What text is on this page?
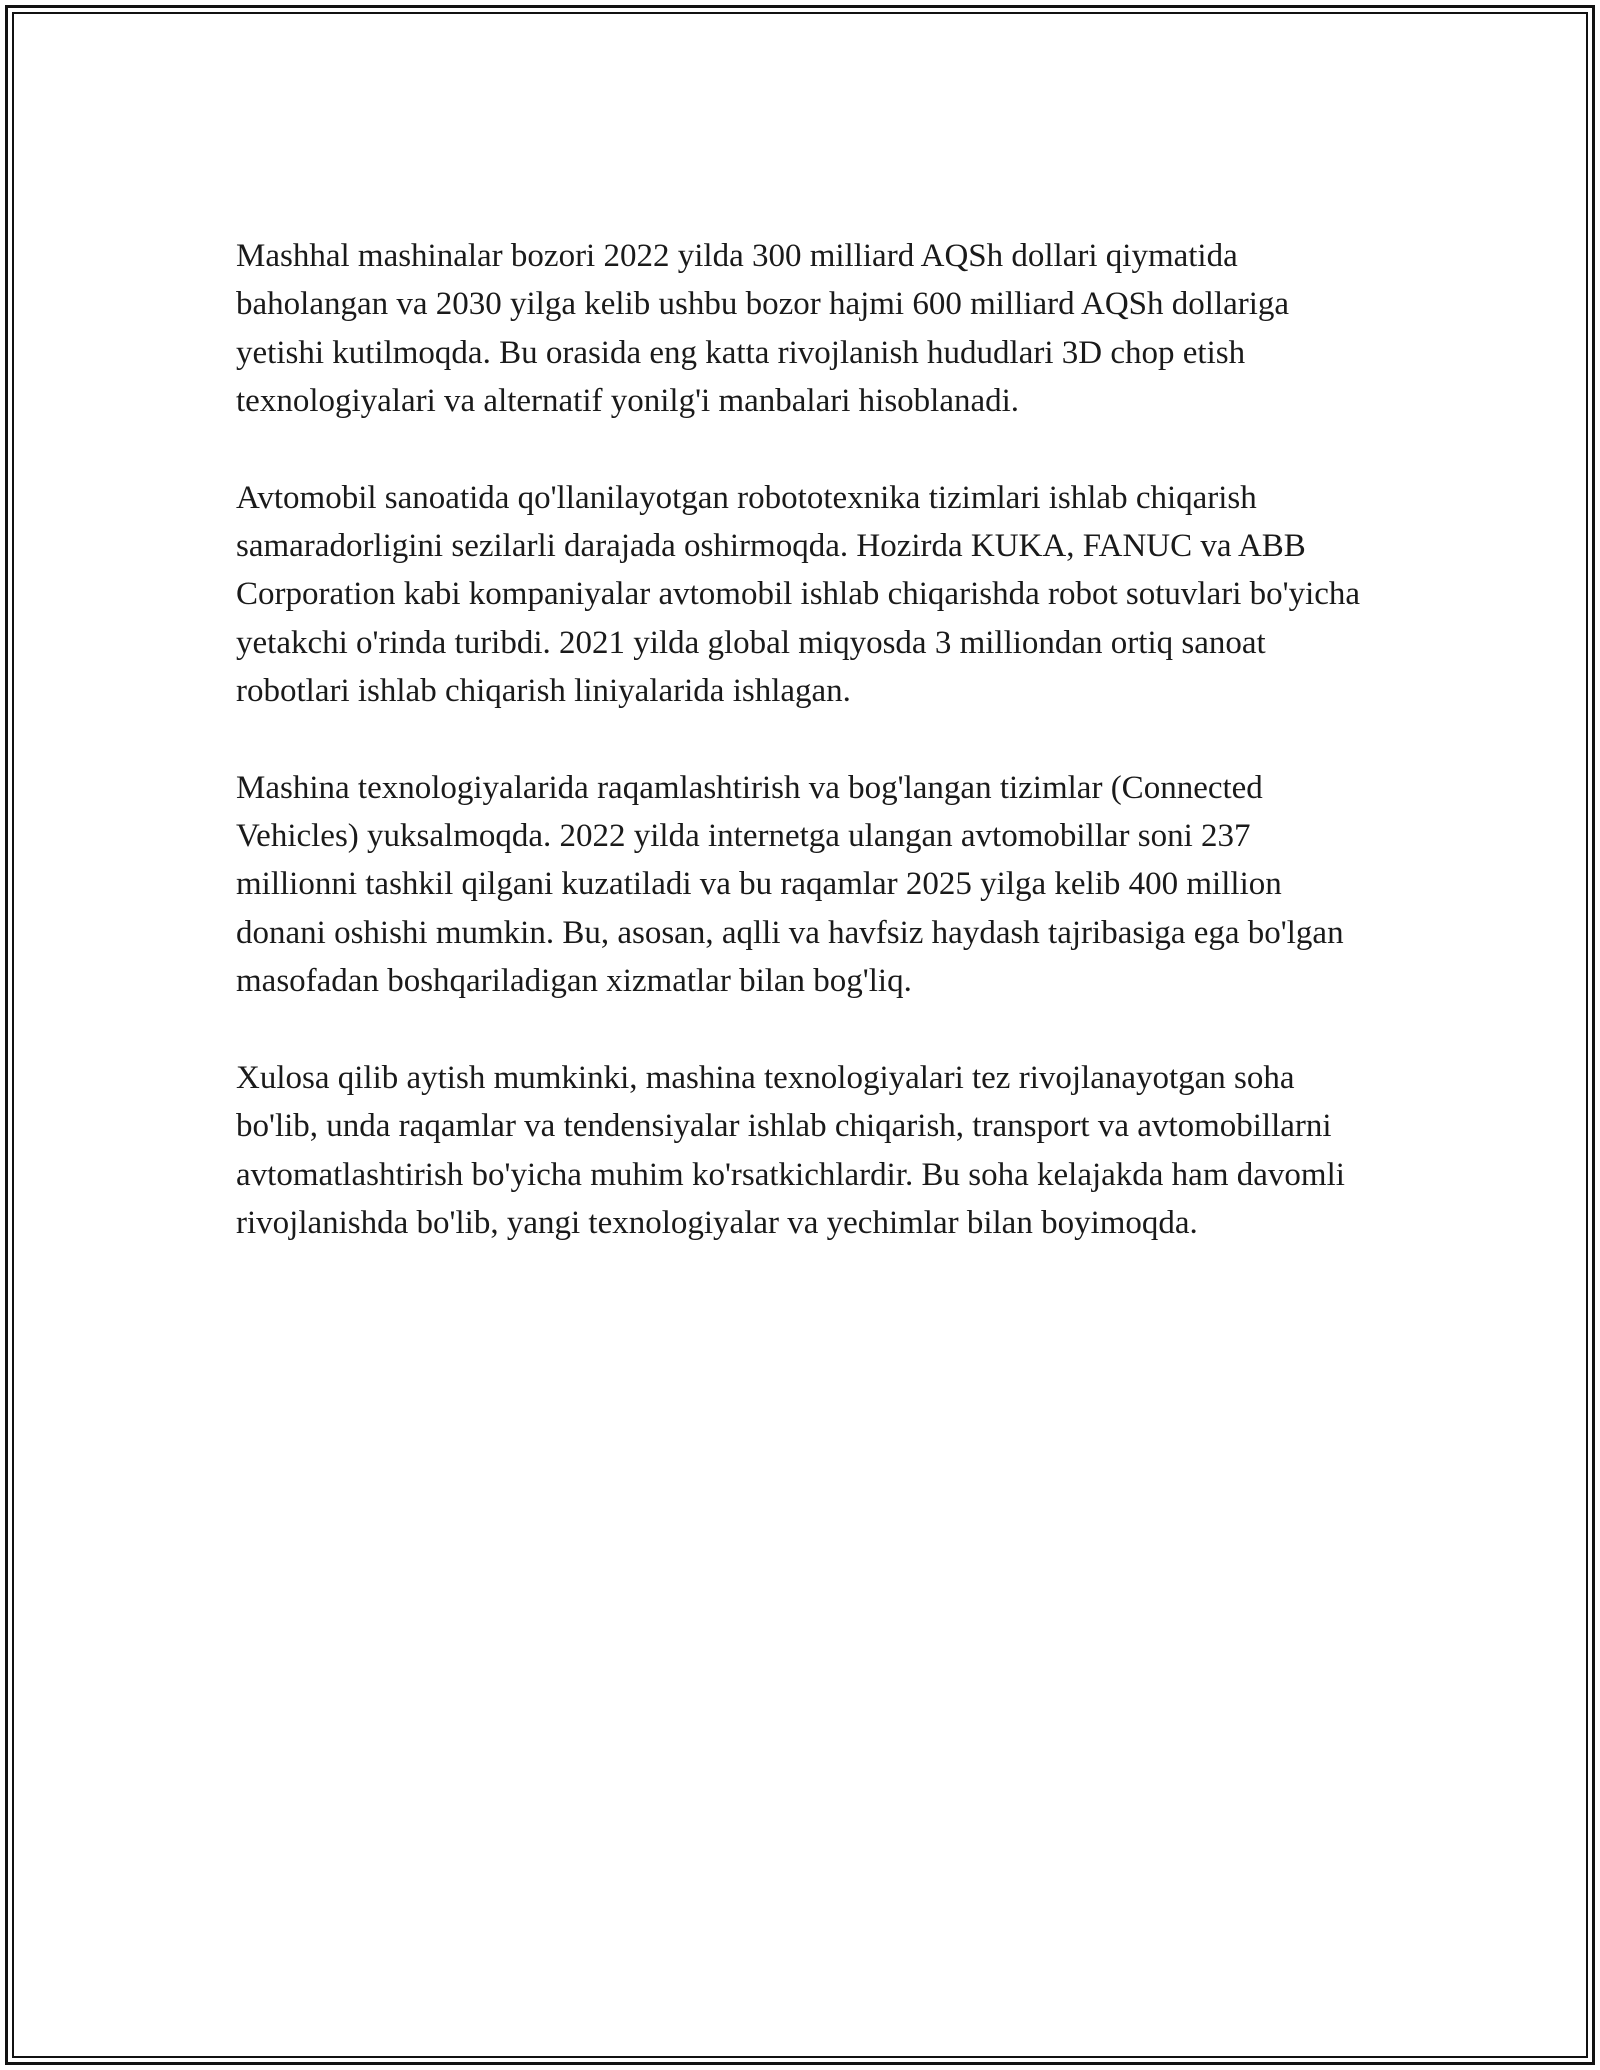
Mashhal mashinalar bozori 2022 yilda 300 milliard AQSh dollari qiymatida baholangan va 2030 yilga kelib ushbu bozor hajmi 600 milliard AQSh dollariga yetishi kutilmoqda. Bu orasida eng katta rivojlanish hududlari 3D chop etish texnologiyalari va alternatif yonilg'i manbalari hisoblanadi.

Avtomobil sanoatida qo'llanilayotgan robototexnika tizimlari ishlab chiqarish samaradorligini sezilarli darajada oshirmoqda. Hozirda KUKA, FANUC va ABB Corporation kabi kompaniyalar avtomobil ishlab chiqarishda robot sotuvlari bo'yicha yetakchi o'rinda turibdi. 2021 yilda global miqyosda 3 milliondan ortiq sanoat robotlari ishlab chiqarish liniyalarida ishlagan.

Mashina texnologiyalarida raqamlashtirish va bog'langan tizimlar (Connected Vehicles) yuksalmoqda. 2022 yilda internetga ulangan avtomobillar soni 237 millionni tashkil qilgani kuzatiladi va bu raqamlar 2025 yilga kelib 400 million donani oshishi mumkin. Bu, asosan, aqlli va havfsiz haydash tajribasiga ega bo'lgan masofadan boshqariladigan xizmatlar bilan bog'liq.

Xulosa qilib aytish mumkinki, mashina texnologiyalari tez rivojlanayotgan soha bo'lib, unda raqamlar va tendensiyalar ishlab chiqarish, transport va avtomobillarni avtomatlashtirish bo'yicha muhim ko'rsatkichlardir. Bu soha kelajakda ham davomli rivojlanishda bo'lib, yangi texnologiyalar va yechimlar bilan boyimoqda.
